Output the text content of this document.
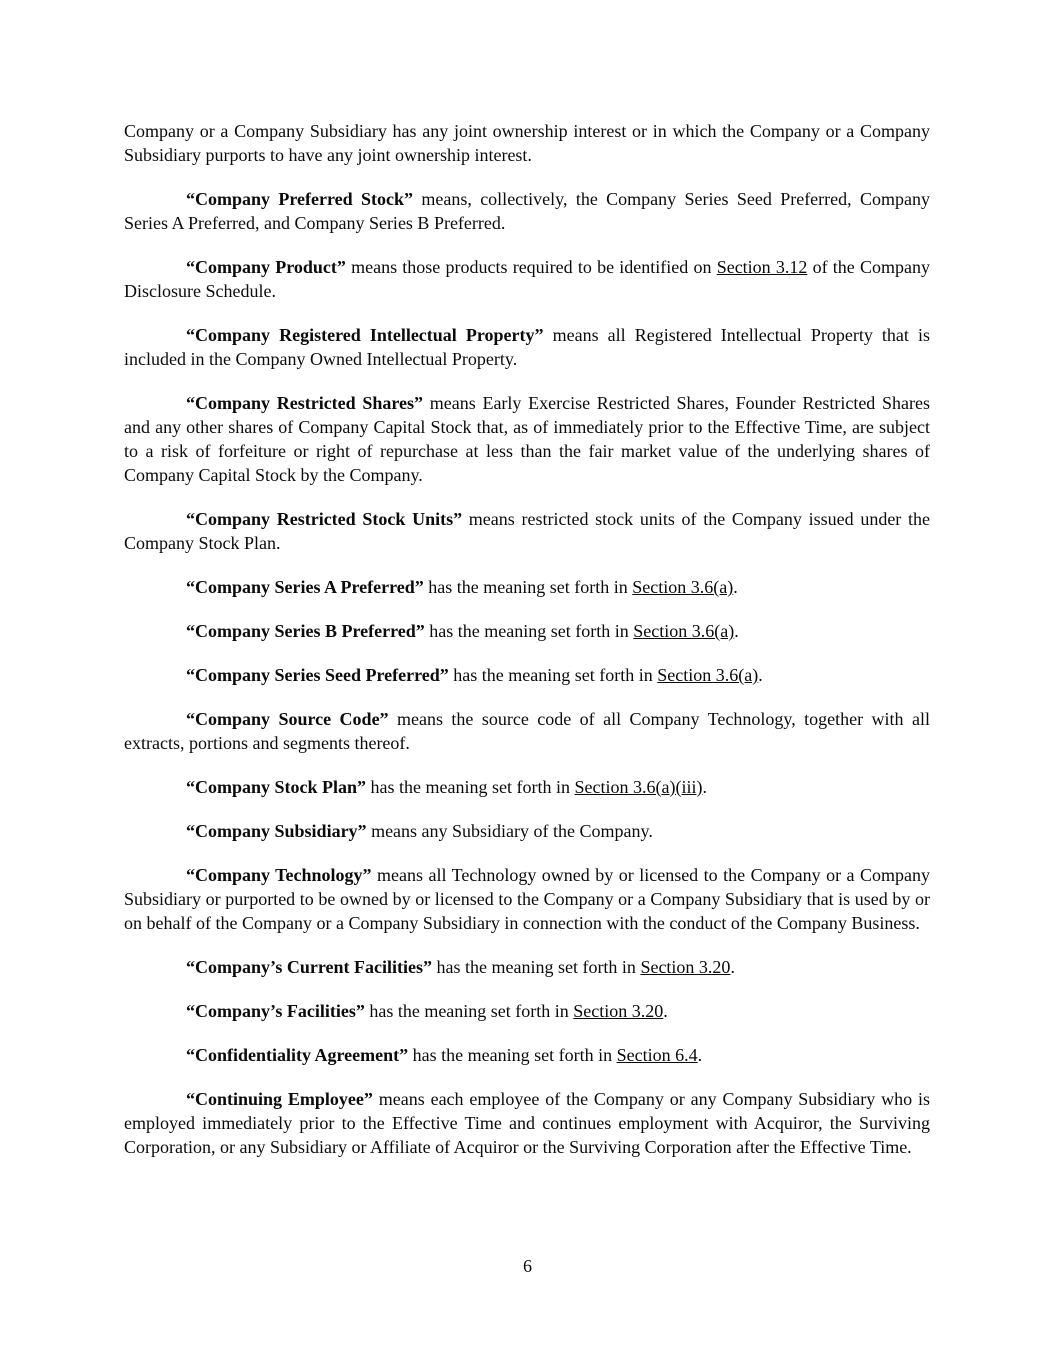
Company or a Company Subsidiary has any joint ownership interest or in which the Company or a Company Subsidiary purports to have any joint ownership interest.

“Company Preferred Stock” means, collectively, the Company Series Seed Preferred, Company Series A Preferred, and Company Series B Preferred.

“Company Product” means those products required to be identified on Section 3.12 of the Company Disclosure Schedule.

“Company Registered Intellectual Property” means all Registered Intellectual Property that is included in the Company Owned Intellectual Property.

“Company Restricted Shares” means Early Exercise Restricted Shares, Founder Restricted Shares and any other shares of Company Capital Stock that, as of immediately prior to the Effective Time, are subject to a risk of forfeiture or right of repurchase at less than the fair market value of the underlying shares of Company Capital Stock by the Company.

“Company Restricted Stock Units” means restricted stock units of the Company issued under the Company Stock Plan.

“Company Series A Preferred” has the meaning set forth in Section 3.6(a).

“Company Series B Preferred” has the meaning set forth in Section 3.6(a).

“Company Series Seed Preferred” has the meaning set forth in Section 3.6(a).

“Company Source Code” means the source code of all Company Technology, together with all extracts, portions and segments thereof.

“Company Stock Plan” has the meaning set forth in Section 3.6(a)(iii).

“Company Subsidiary” means any Subsidiary of the Company.

“Company Technology” means all Technology owned by or licensed to the Company or a Company Subsidiary or purported to be owned by or licensed to the Company or a Company Subsidiary that is used by or on behalf of the Company or a Company Subsidiary in connection with the conduct of the Company Business.

“Company’s Current Facilities” has the meaning set forth in Section 3.20.

“Company’s Facilities” has the meaning set forth in Section 3.20.

“Confidentiality Agreement” has the meaning set forth in Section 6.4.

“Continuing Employee” means each employee of the Company or any Company Subsidiary who is employed immediately prior to the Effective Time and continues employment with Acquiror, the Surviving Corporation, or any Subsidiary or Affiliate of Acquiror or the Surviving Corporation after the Effective Time.

6
